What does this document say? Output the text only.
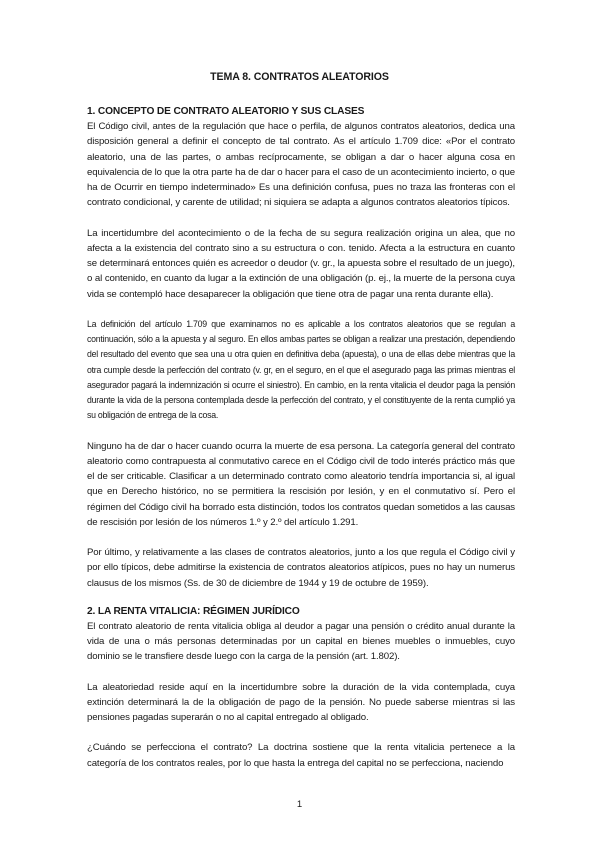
TEMA 8. CONTRATOS ALEATORIOS

1. CONCEPTO DE CONTRATO ALEATORIO Y SUS CLASES

El Código civil, antes de la regulación que hace o perfila, de algunos contratos aleatorios, dedica una disposición general a definir el concepto de tal contrato. As el artículo 1.709 dice: «Por el contrato aleatorio, una de las partes, o ambas recíprocamente, se obligan a dar o hacer alguna cosa en equivalencia de lo que la otra parte ha de dar o hacer para el caso de un acontecimiento incierto, o que ha de Ocurrir en tiempo indeterminado» Es una definición confusa, pues no traza las fronteras con el contrato condicional, y carente de utilidad; ni siquiera se adapta a algunos contratos aleatorios típicos.

La incertidumbre del acontecimiento o de la fecha de su segura realización origina un alea, que no afecta a la existencia del contrato sino a su estructura o con. tenido. Afecta a la estructura en cuanto se determinará entonces quién es acreedor o deudor (v. gr., la apuesta sobre el resultado de un juego), o al contenido, en cuanto da lugar a la extinción de una obligación (p. ej., la muerte de la persona cuya vida se contempló hace desaparecer la obligación que tiene otra de pagar una renta durante ella).

La definición del artículo 1.709 que examinamos no es aplicable a los contratos aleatorios que se regulan a continuación, sólo a la apuesta y al seguro. En ellos ambas partes se obligan a realizar una prestación, dependiendo del resultado del evento que sea una u otra quien en definitiva deba (apuesta), o una de ellas debe mientras que la otra cumple desde la perfección del contrato (v. gr, en el seguro, en el que el asegurado paga las primas mientras el asegurador pagará la indemnización si ocurre el siniestro). En cambio, en la renta vitalicia el deudor paga la pensión durante la vida de la persona contemplada desde la perfección del contrato, y el constituyente de la renta cumplió ya su obligación de entrega de la cosa.

Ninguno ha de dar o hacer cuando ocurra la muerte de esa persona. La categoría general del contrato aleatorio como contrapuesta al conmutativo carece en el Código civil de todo interés práctico más que el de ser criticable. Clasificar a un determinado contrato como aleatorio tendría importancia si, al igual que en Derecho histórico, no se permitiera la rescisión por lesión, y en el conmutativo sí. Pero el régimen del Código civil ha borrado esta distinción, todos los contratos quedan sometidos a las causas de rescisión por lesión de los números 1.º y 2.º del artículo 1.291.

Por último, y relativamente a las clases de contratos aleatorios, junto a los que regula el Código civil y por ello típicos, debe admitirse la existencia de contratos aleatorios atípicos, pues no hay un numerus clausus de los mismos (Ss. de 30 de diciembre de 1944 y 19 de octubre de 1959).

2. LA RENTA VITALICIA: RÉGIMEN JURÍDICO

El contrato aleatorio de renta vitalicia obliga al deudor a pagar una pensión o crédito anual durante la vida de una o más personas determinadas por un capital en bienes muebles o inmuebles, cuyo dominio se le transfiere desde luego con la carga de la pensión (art. 1.802).

La aleatoriedad reside aquí en la incertidumbre sobre la duración de la vida contemplada, cuya extinción determinará la de la obligación de pago de la pensión. No puede saberse mientras si las pensiones pagadas superarán o no al capital entregado al obligado.

¿Cuándo se perfecciona el contrato? La doctrina sostiene que la renta vitalicia pertenece a la categoría de los contratos reales, por lo que hasta la entrega del capital no se perfecciona, naciendo

1
